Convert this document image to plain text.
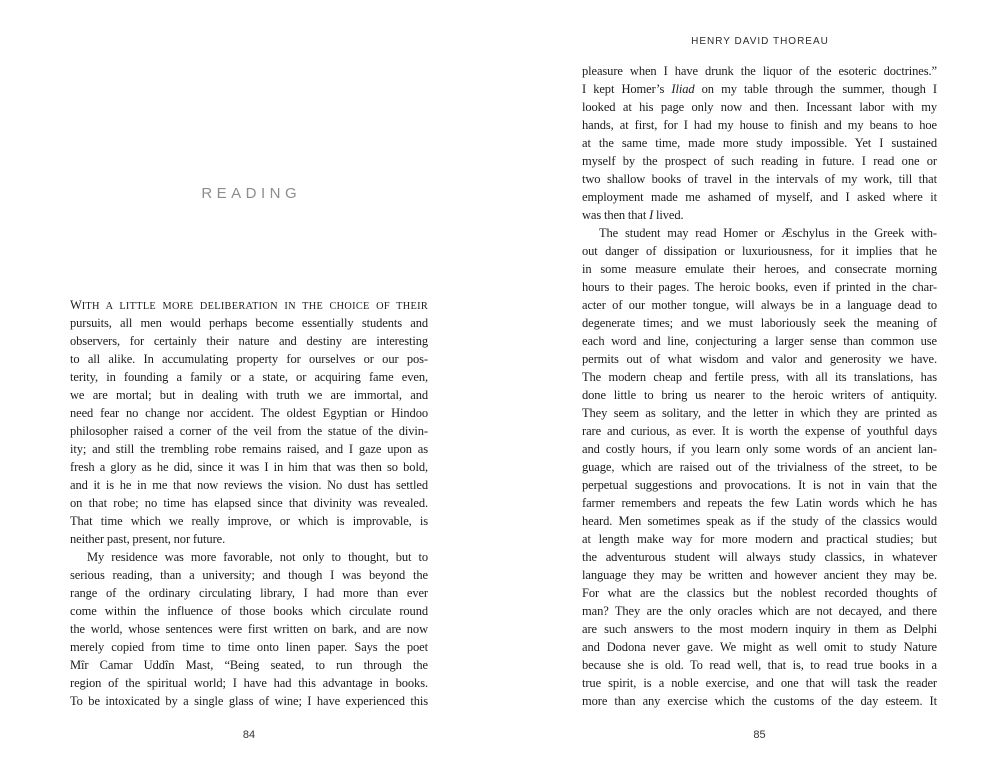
READING
WITH A LITTLE MORE DELIBERATION IN THE CHOICE OF THEIR
pursuits, all men would perhaps become essentially students and
observers, for certainly their nature and destiny are interesting
to all alike. In accumulating property for ourselves or our pos-
terity, in founding a family or a state, or acquiring fame even,
we are mortal; but in dealing with truth we are immortal, and
need fear no change nor accident. The oldest Egyptian or Hindoo
philosopher raised a corner of the veil from the statue of the divin-
ity; and still the trembling robe remains raised, and I gaze upon as
fresh a glory as he did, since it was I in him that was then so bold,
and it is he in me that now reviews the vision. No dust has settled
on that robe; no time has elapsed since that divinity was revealed.
That time which we really improve, or which is improvable, is
neither past, present, nor future.
My residence was more favorable, not only to thought, but to
serious reading, than a university; and though I was beyond the
range of the ordinary circulating library, I had more than ever
come within the influence of those books which circulate round
the world, whose sentences were first written on bark, and are now
merely copied from time to time onto linen paper. Says the poet
Mîr Camar Uddîn Mast, “Being seated, to run through the
region of the spiritual world; I have had this advantage in books.
To be intoxicated by a single glass of wine; I have experienced this
84
HENRY DAVID THOREAU
pleasure when I have drunk the liquor of the esoteric doctrines.”
I kept Homer’s Iliad on my table through the summer, though I
looked at his page only now and then. Incessant labor with my
hands, at first, for I had my house to finish and my beans to hoe
at the same time, made more study impossible. Yet I sustained
myself by the prospect of such reading in future. I read one or
two shallow books of travel in the intervals of my work, till that
employment made me ashamed of myself, and I asked where it
was then that I lived.
The student may read Homer or Æschylus in the Greek with-
out danger of dissipation or luxuriousness, for it implies that he
in some measure emulate their heroes, and consecrate morning
hours to their pages. The heroic books, even if printed in the char-
acter of our mother tongue, will always be in a language dead to
degenerate times; and we must laboriously seek the meaning of
each word and line, conjecturing a larger sense than common use
permits out of what wisdom and valor and generosity we have.
The modern cheap and fertile press, with all its translations, has
done little to bring us nearer to the heroic writers of antiquity.
They seem as solitary, and the letter in which they are printed as
rare and curious, as ever. It is worth the expense of youthful days
and costly hours, if you learn only some words of an ancient lan-
guage, which are raised out of the trivialness of the street, to be
perpetual suggestions and provocations. It is not in vain that the
farmer remembers and repeats the few Latin words which he has
heard. Men sometimes speak as if the study of the classics would
at length make way for more modern and practical studies; but
the adventurous student will always study classics, in whatever
language they may be written and however ancient they may be.
For what are the classics but the noblest recorded thoughts of
man? They are the only oracles which are not decayed, and there
are such answers to the most modern inquiry in them as Delphi
and Dodona never gave. We might as well omit to study Nature
because she is old. To read well, that is, to read true books in a
true spirit, is a noble exercise, and one that will task the reader
more than any exercise which the customs of the day esteem. It
85
